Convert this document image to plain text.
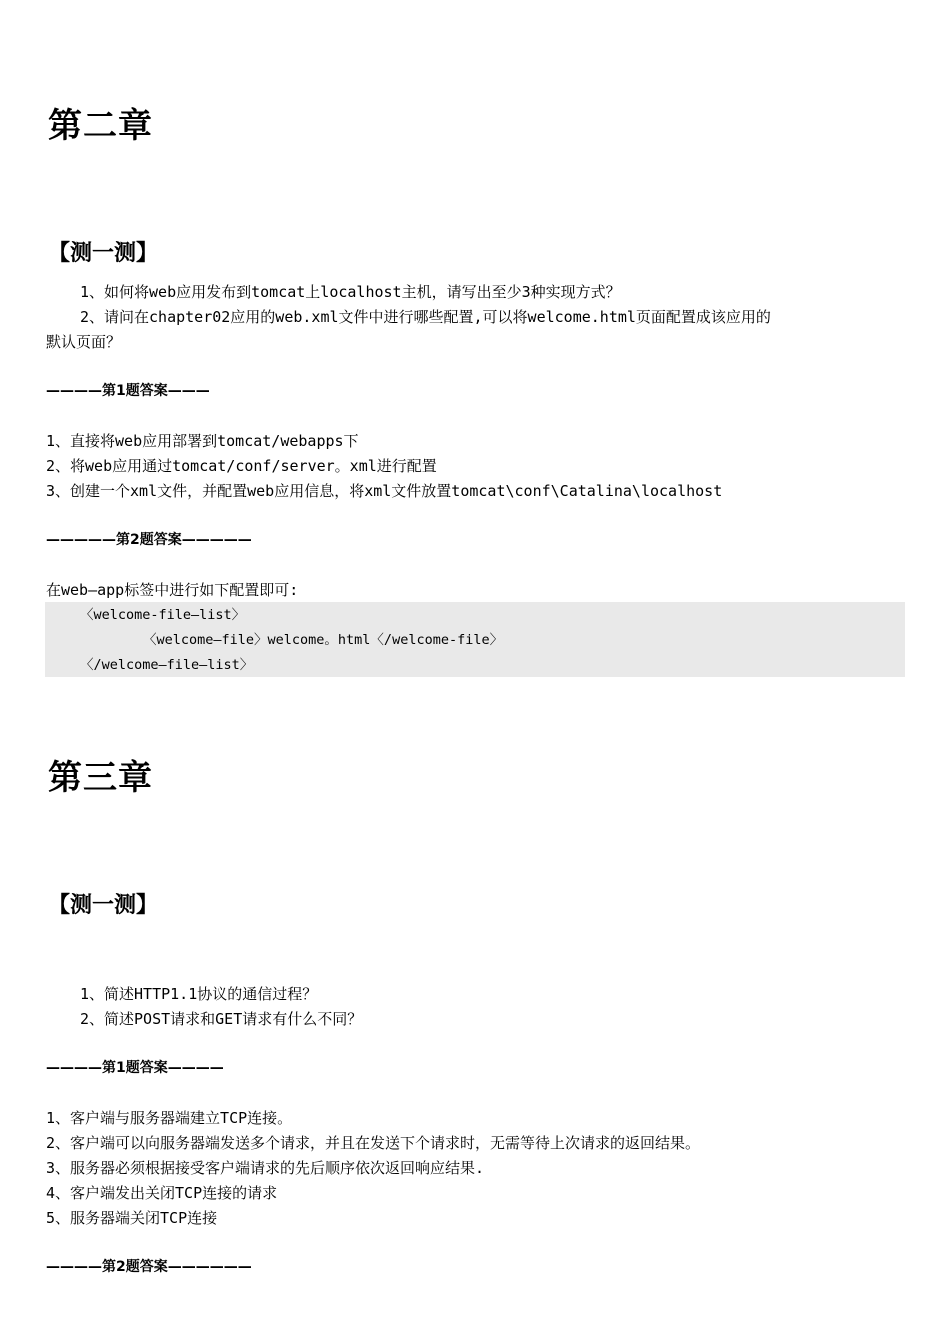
第二章
【测一测】

1、如何将web应用发布到tomcat上localhost主机，请写出至少3种实现方式？

2、请问在chapter02应用的web.xml文件中进行哪些配置,可以将welcome.html页面配置成该应用的

默认页面？

————第1题答案———

1、直接将web应用部署到tomcat/webapps下

2、将web应用通过tomcat/conf/server。xml进行配置

3、创建一个xml文件，并配置web应用信息，将xml文件放置tomcat\conf\Catalina\localhost

—————第2题答案—————

在web—app标签中进行如下配置即可:

〈welcome-file—list〉

〈welcome—file〉welcome。html〈/welcome-file〉

〈/welcome—file—list〉

第三章
【测一测】

1、简述HTTP1.1协议的通信过程？

2、简述POST请求和GET请求有什么不同？

————第1题答案————

1、客户端与服务器端建立TCP连接。

2、客户端可以向服务器端发送多个请求，并且在发送下个请求时，无需等待上次请求的返回结果。

3、服务器必须根据接受客户端请求的先后顺序依次返回响应结果.

4、客户端发出关闭TCP连接的请求

5、服务器端关闭TCP连接

————第2题答案——————
